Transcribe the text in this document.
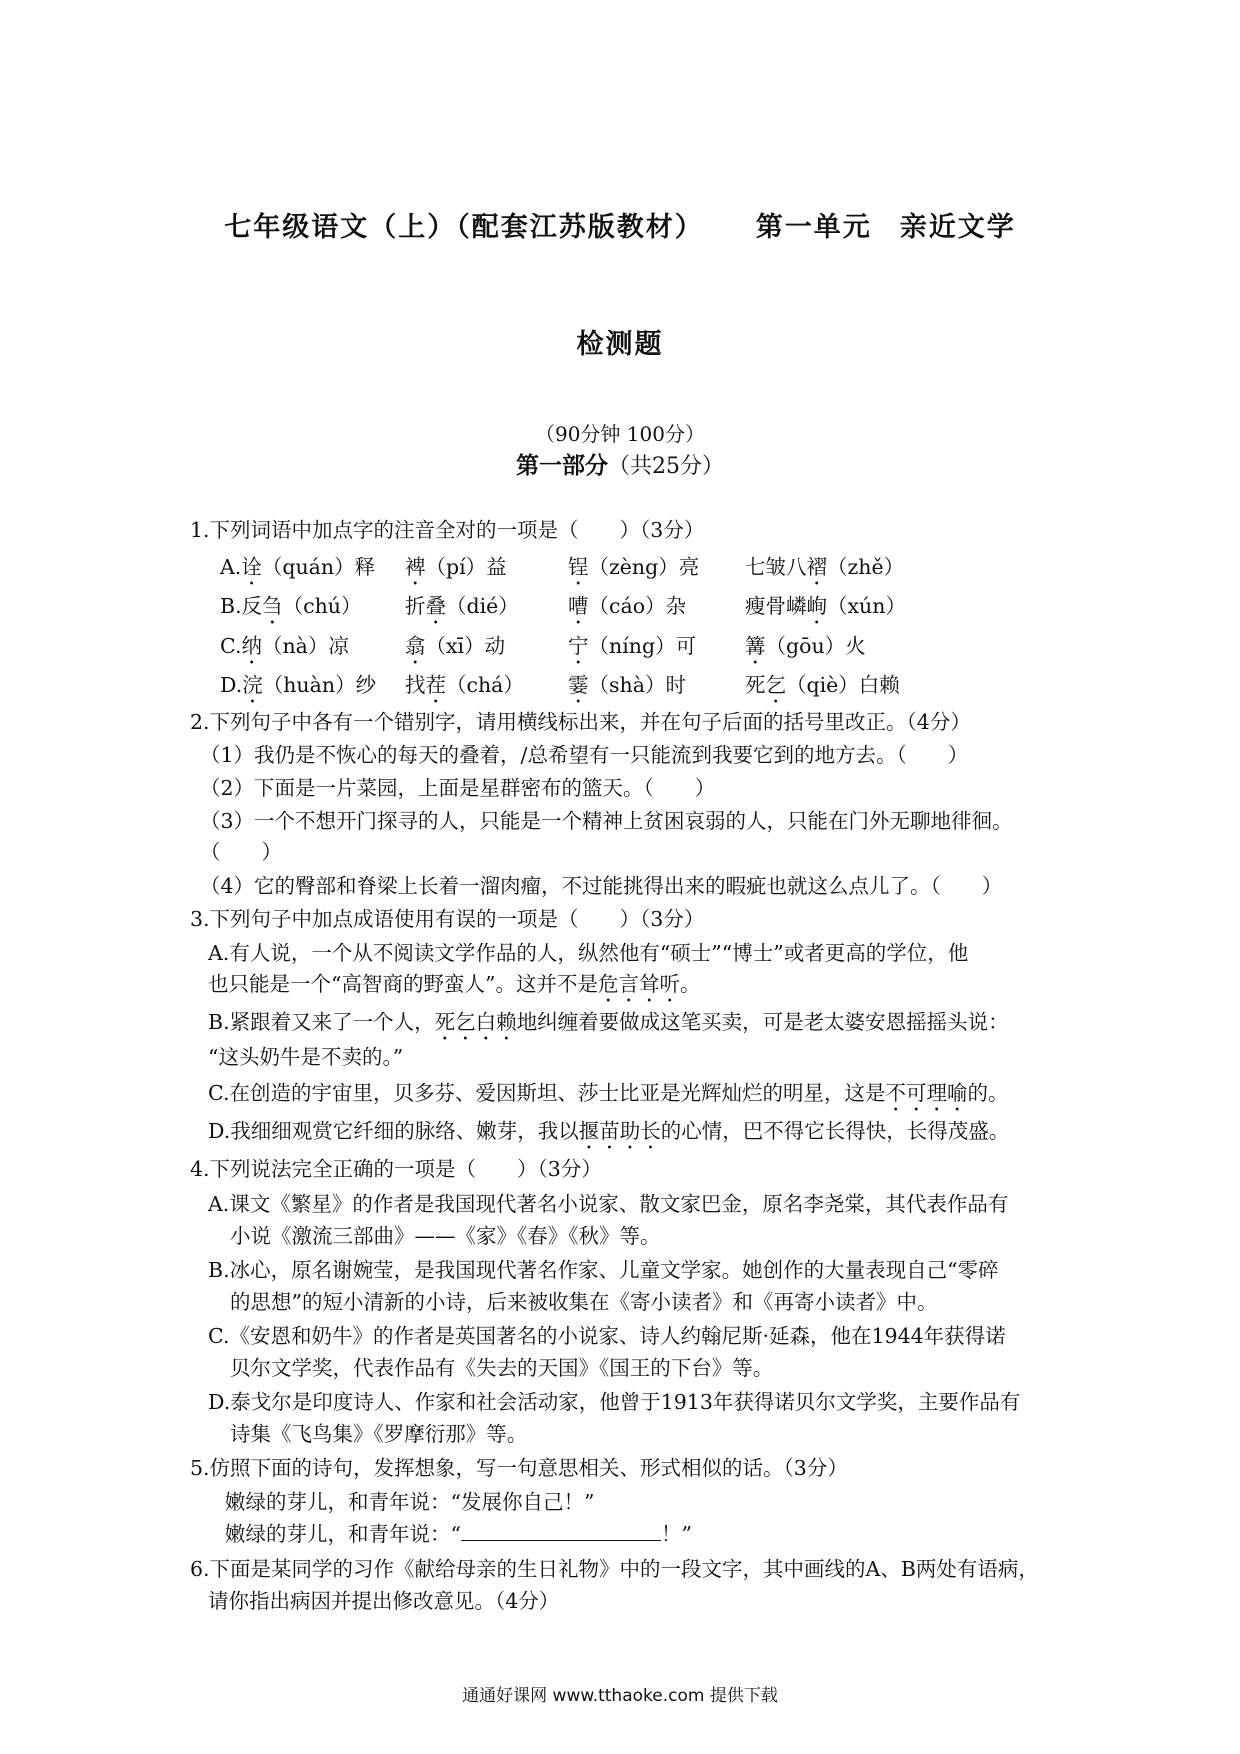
七年级语文（上）（配套江苏版教材） 第一单元 亲近文学
检测题
（90分钟 100分）
第一部分（共25分）
1.下列词语中加点字的注音全对的一项是（　　）（3分）
A.诠（quán）释 裨（pí）益	锃（zèng）亮 七皱八褶（zhě）
B.反刍（chú） 折叠（dié） 嘈（cáo）杂	瘦骨嶙峋（xún）
C.纳（nà）凉	翕（xī）动	宁（níng）可 篝（gōu）火
D.浣（huàn）纱 找茬（chá） 霎（shà）时	死乞（qiè）白赖
2.下列句子中各有一个错别字，请用横线标出来，并在句子后面的括号里改正。（4分）
（1）我仍是不恢心的每天的叠着，/总希望有一只能流到我要它到的地方去。（　　）
（2）下面是一片菜园，上面是星群密布的篮天。（　　）
（3）一个不想开门探寻的人，只能是一个精神上贫困哀弱的人，只能在门外无聊地徘徊。
（　　）
（4）它的臀部和脊梁上长着一溜肉瘤，不过能挑得出来的暇疵也就这么点儿了。（　　）
3.下列句子中加点成语使用有误的一项是（　　）（3分）
A.有人说，一个从不阅读文学作品的人，纵然他有“硕士”“博士”或者更高的学位，他
也只能是一个“高智商的野蛮人”。这并不是危言耸听。
B.紧跟着又来了一个人，死乞白赖地纠缠着要做成这笔买卖，可是老太婆安恩摇摇头说：
“这头奶牛是不卖的。”
C.在创造的宇宙里，贝多芬、爱因斯坦、莎士比亚是光辉灿烂的明星，这是不可理喻的。
D.我细细观赏它纤细的脉络、嫩芽，我以揠苗助长的心情，巴不得它长得快，长得茂盛。
4.下列说法完全正确的一项是（　　）（3分）
A.课文《繁星》的作者是我国现代著名小说家、散文家巴金，原名李尧棠，其代表作品有
小说《激流三部曲》——《家》《春》《秋》等。
B.冰心，原名谢婉莹，是我国现代著名作家、儿童文学家。她创作的大量表现自己“零碎
的思想”的短小清新的小诗，后来被收集在《寄小读者》和《再寄小读者》中。
C.《安恩和奶牛》的作者是英国著名的小说家、诗人约翰尼斯·延森，他在1944年获得诺
贝尔文学奖，代表作品有《失去的天国》《国王的下台》等。
D.泰戈尔是印度诗人、作家和社会活动家，他曾于1913年获得诺贝尔文学奖，主要作品有
诗集《飞鸟集》《罗摩衍那》等。
5.仿照下面的诗句，发挥想象，写一句意思相关、形式相似的话。（3分）
嫩绿的芽儿，和青年说：“发展你自己！”
嫩绿的芽儿，和青年说：“	！”
6.下面是某同学的习作《献给母亲的生日礼物》中的一段文字，其中画线的A、B两处有语病，
请你指出病因并提出修改意见。（4分）
通通好课网 www.tthaoke.com 提供下载
